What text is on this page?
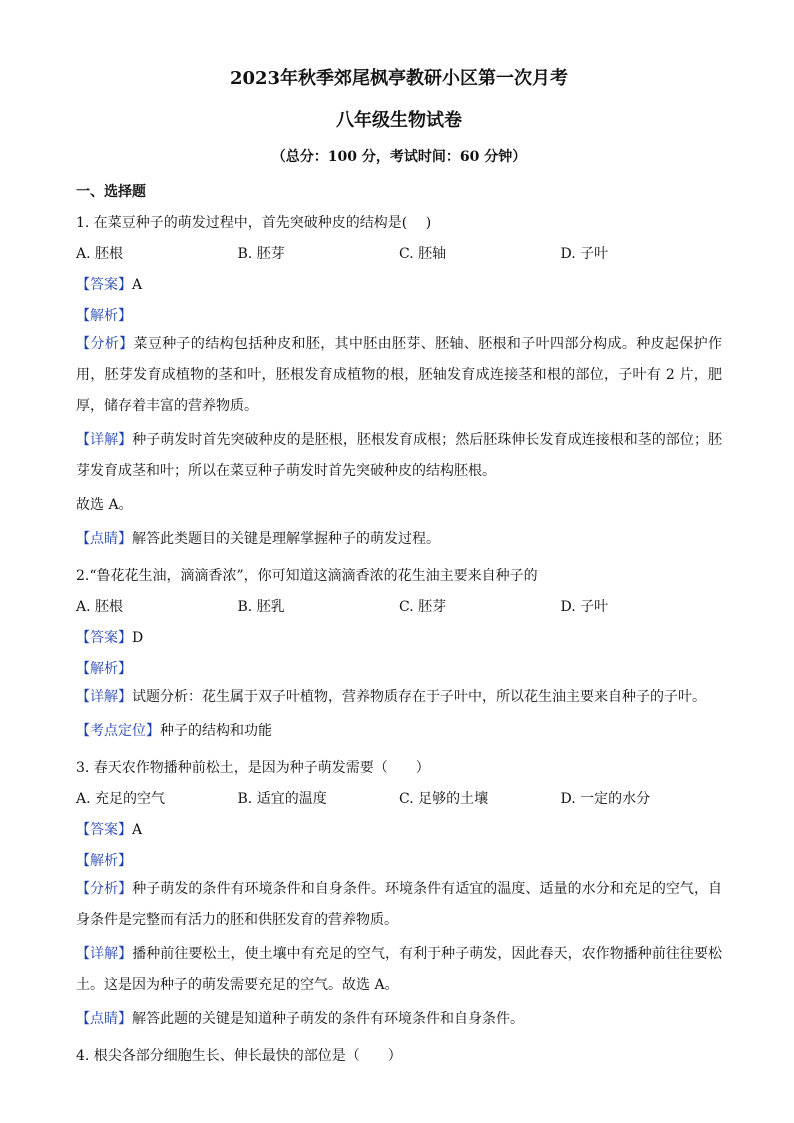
2023年秋季郊尾枫亭教研小区第一次月考
八年级生物试卷
（总分：100 分，考试时间：60 分钟）
一、选择题
1. 在菜豆种子的萌发过程中，首先突破种皮的结构是(　 )
A. 胚根	B. 胚芽	C. 胚轴	D. 子叶
【答案】A
【解析】
【分析】菜豆种子的结构包括种皮和胚，其中胚由胚芽、胚轴、胚根和子叶四部分构成。种皮起保护作用，胚芽发育成植物的茎和叶，胚根发育成植物的根，胚轴发育成连接茎和根的部位，子叶有 2 片，肥厚，储存着丰富的营养物质。
【详解】种子萌发时首先突破种皮的是胚根，胚根发育成根；然后胚珠伸长发育成连接根和茎的部位；胚芽发育成茎和叶；所以在菜豆种子萌发时首先突破种皮的结构胚根。
故选 A。
【点睛】解答此类题目的关键是理解掌握种子的萌发过程。
2.“鲁花花生油，滴滴香浓”，你可知道这滴滴香浓的花生油主要来自种子的
A. 胚根	B. 胚乳	C. 胚芽	D. 子叶
【答案】D
【解析】
【详解】试题分析：花生属于双子叶植物，营养物质存在于子叶中，所以花生油主要来自种子的子叶。
【考点定位】种子的结构和功能
3. 春天农作物播种前松土，是因为种子萌发需要（　　）
A. 充足的空气	B. 适宜的温度	C. 足够的土壤	D. 一定的水分
【答案】A
【解析】
【分析】种子萌发的条件有环境条件和自身条件。环境条件有适宜的温度、适量的水分和充足的空气，自身条件是完整而有活力的胚和供胚发育的营养物质。
【详解】播种前往要松土，使土壤中有充足的空气，有利于种子萌发，因此春天，农作物播种前往往要松土。这是因为种子的萌发需要充足的空气。故选 A。
【点睛】解答此题的关键是知道种子萌发的条件有环境条件和自身条件。
4. 根尖各部分细胞生长、伸长最快的部位是（　　）
